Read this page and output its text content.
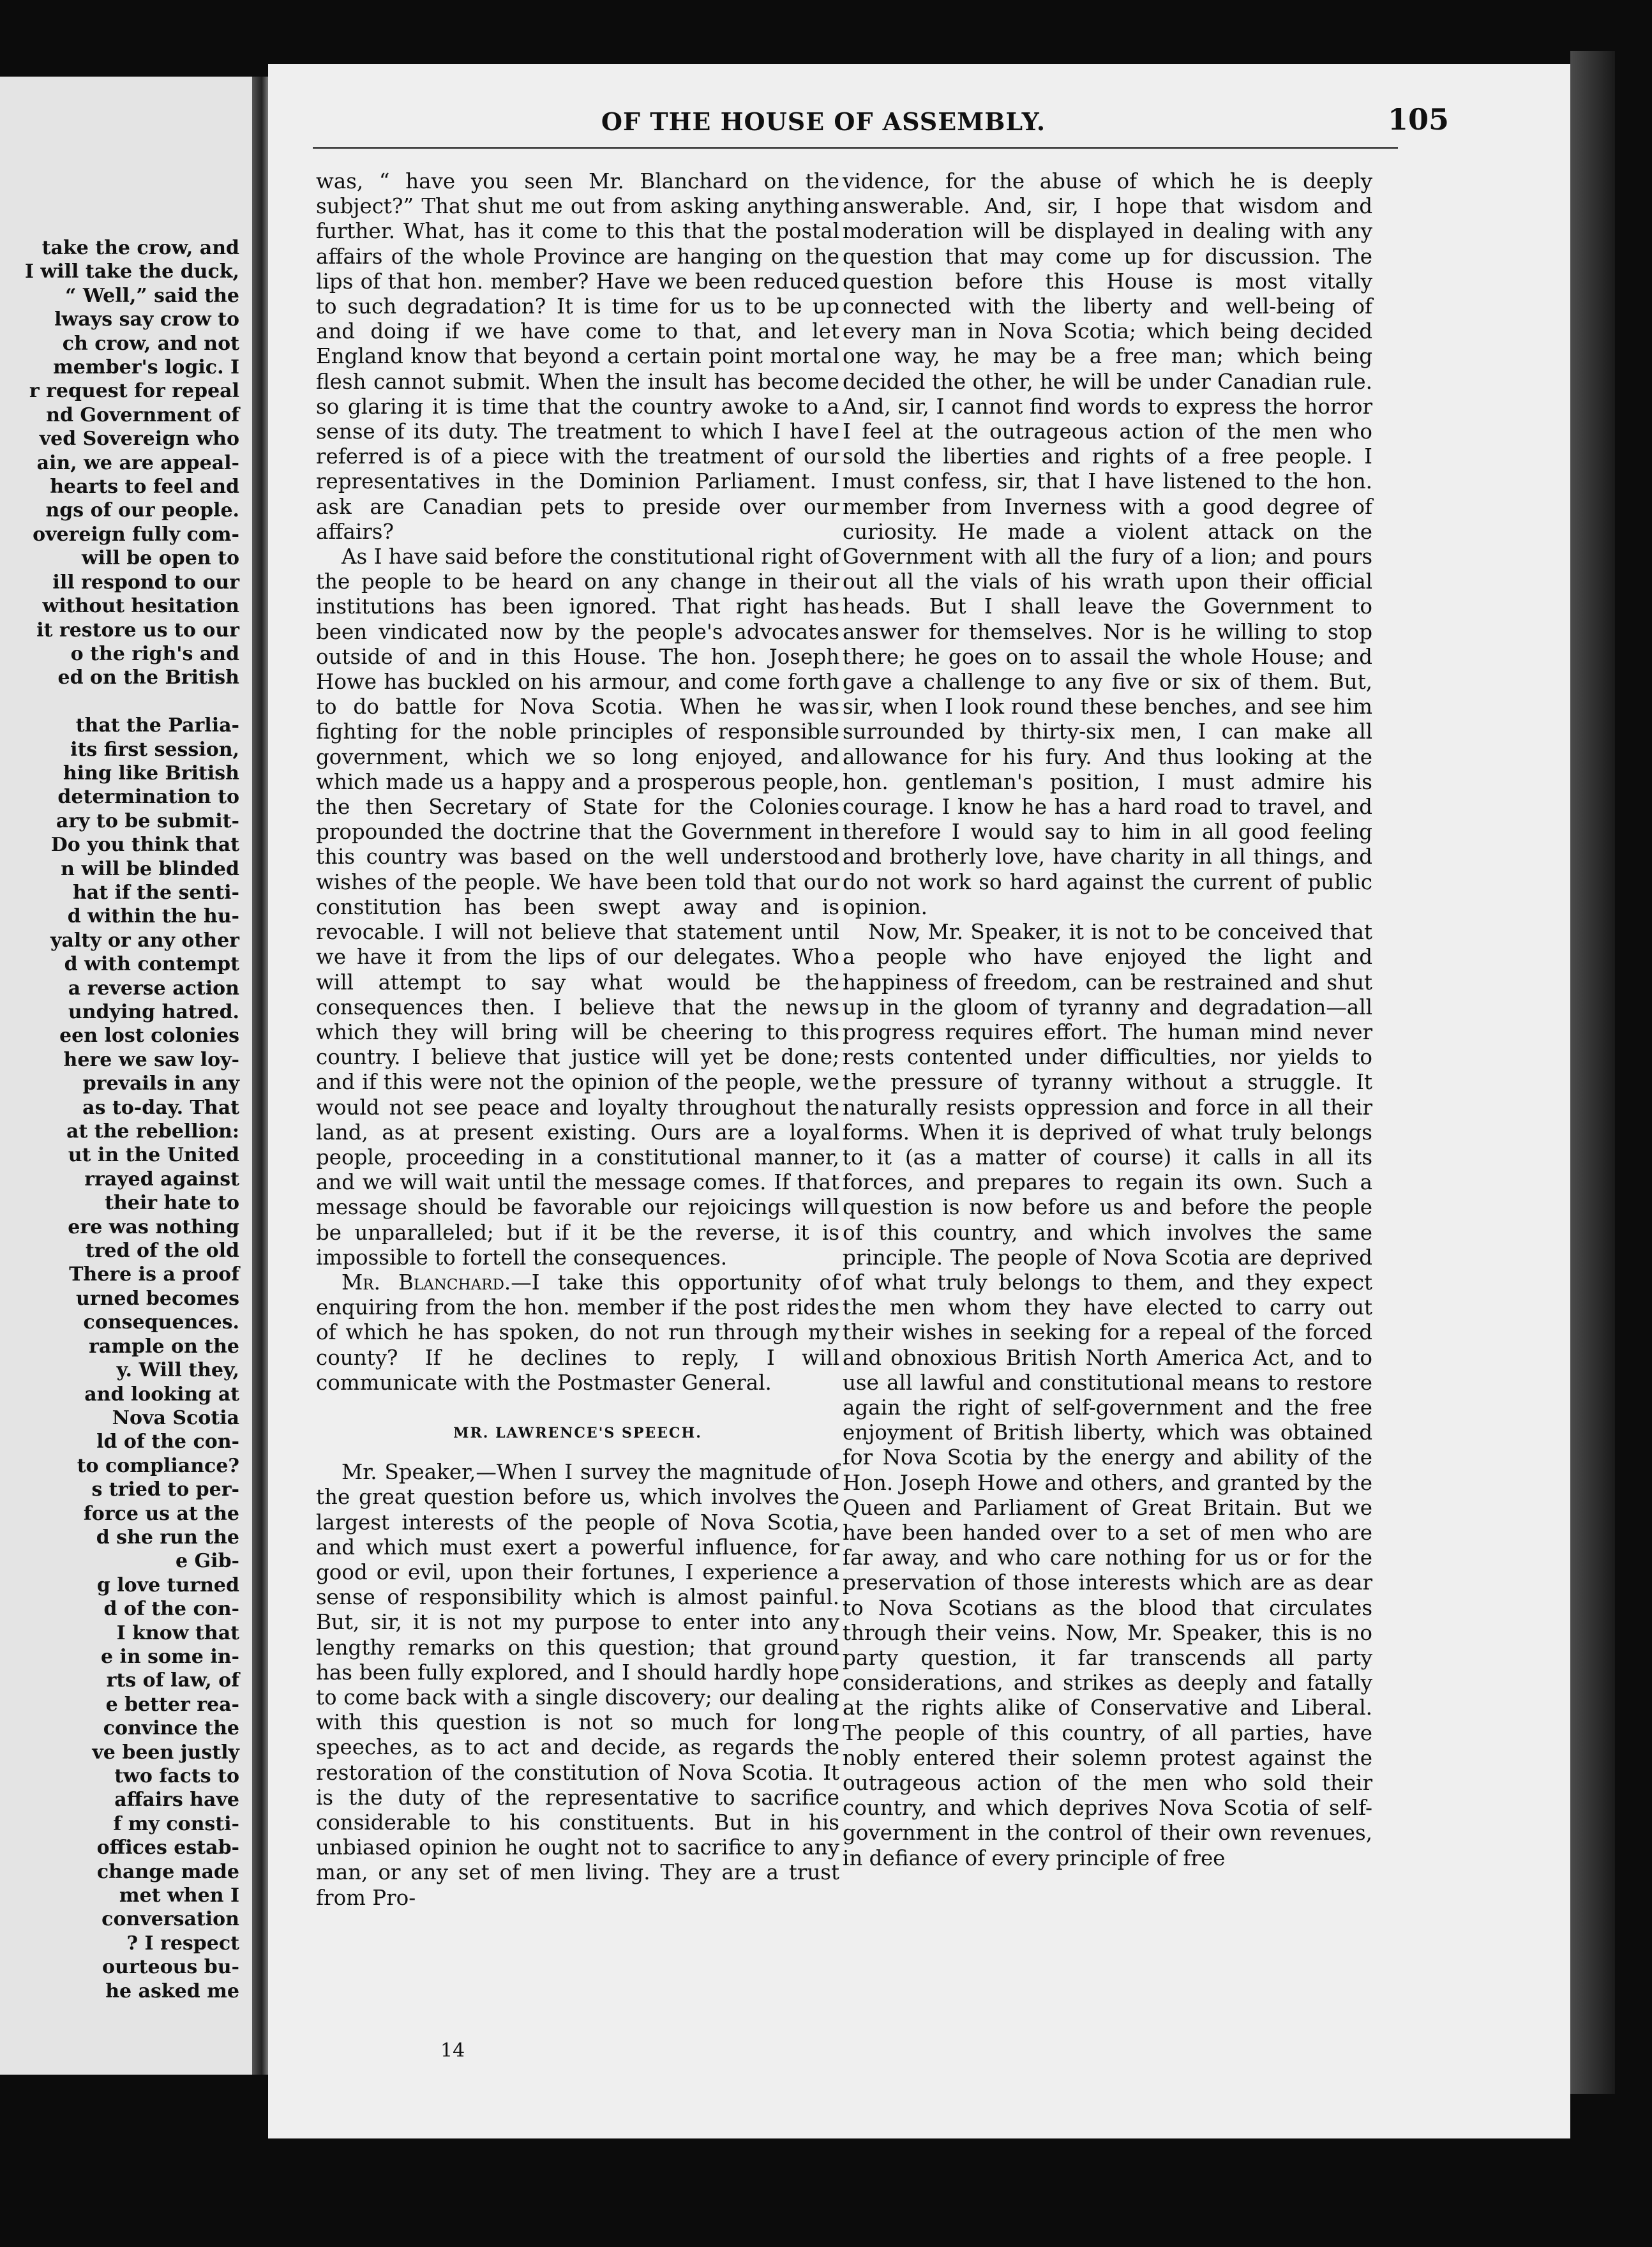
take the crow, and
I will take the duck,
“ Well,” said the
lways say crow to
ch crow, and not
member's logic. I
r request for repeal
nd Government of
ved Sovereign who
ain, we are appeal-
hearts to feel and
ngs of our people.
overeign fully com-
will be open to
ill respond to our
without hesitation
it restore us to our
o the righ's and
ed on the British

that the Parlia-
its first session,
hing like British
determination to
ary to be submit-
Do you think that
n will be blinded
hat if the senti-
d within the hu-
yalty or any other
d with contempt
a reverse action
undying hatred.
een lost colonies
here we saw loy-
prevails in any
as to-day. That
at the rebellion:
ut in the United
rrayed against
their hate to
ere was nothing
tred of the old
There is a proof
urned becomes
consequences.
rample on the
y. Will they,
and looking at
Nova Scotia
ld of the con-
to compliance?
s tried to per-
force us at the
d she run the
e Gib-
g love turned
d of the con-
I know that
e in some in-
rts of law, of
e better rea-
convince the
ve been justly
two facts to
affairs have
f my consti-
offices estab-
change made
met when I
conversation
? I respect
ourteous bu-
he asked me
OF THE HOUSE OF ASSEMBLY.	105

was, “ have you seen Mr. Blanchard on the subject?” That shut me out from asking anything further. What, has it come to this that the postal affairs of the whole Province are hanging on the lips of that hon. member? Have we been reduced to such degradation? It is time for us to be up and doing if we have come to that, and let England know that beyond a certain point mortal flesh cannot submit. When the insult has become so glaring it is time that the country awoke to a sense of its duty. The treatment to which I have referred is of a piece with the treatment of our representatives in the Dominion Parliament. I ask are Canadian pets to preside over our affairs?

As I have said before the constitutional right of the people to be heard on any change in their institutions has been ignored. That right has been vindicated now by the people's advocates outside of and in this House. The hon. Joseph Howe has buckled on his armour, and come forth to do battle for Nova Scotia. When he was fighting for the noble principles of responsible government, which we so long enjoyed, and which made us a happy and a prosperous people, the then Secretary of State for the Colonies propounded the doctrine that the Government in this country was based on the well understood wishes of the people. We have been told that our constitution has been swept away and is revocable. I will not believe that statement until we have it from the lips of our delegates. Who will attempt to say what would be the consequences then. I believe that the news which they will bring will be cheering to this country. I believe that justice will yet be done; and if this were not the opinion of the people, we would not see peace and loyalty throughout the land, as at present existing. Ours are a loyal people, proceeding in a constitutional manner, and we will wait until the message comes. If that message should be favorable our rejoicings will be unparalleled; but if it be the reverse, it is impossible to fortell the consequences.

Mr. Blanchard.—I take this opportunity of enquiring from the hon. member if the post rides of which he has spoken, do not run through my county? If he declines to reply, I will communicate with the Postmaster General.

MR. LAWRENCE'S SPEECH.

Mr. Speaker,—When I survey the magnitude of the great question before us, which involves the largest interests of the people of Nova Scotia, and which must exert a powerful influence, for good or evil, upon their fortunes, I experience a sense of responsibility which is almost painful. But, sir, it is not my purpose to enter into any lengthy remarks on this question; that ground has been fully explored, and I should hardly hope to come back with a single discovery; our dealing with this question is not so much for long speeches, as to act and decide, as regards the restoration of the constitution of Nova Scotia. It is the duty of the representative to sacrifice considerable to his constituents. But in his unbiased opinion he ought not to sacrifice to any man, or any set of men living. They are a trust from Pro-

vidence, for the abuse of which he is deeply answerable. And, sir, I hope that wisdom and moderation will be displayed in dealing with any question that may come up for discussion. The question before this House is most vitally connected with the liberty and well-being of every man in Nova Scotia; which being decided one way, he may be a free man; which being decided the other, he will be under Canadian rule. And, sir, I cannot find words to express the horror I feel at the outrageous action of the men who sold the liberties and rights of a free people. I must confess, sir, that I have listened to the hon. member from Inverness with a good degree of curiosity. He made a violent attack on the Government with all the fury of a lion; and pours out all the vials of his wrath upon their official heads. But I shall leave the Government to answer for themselves. Nor is he willing to stop there; he goes on to assail the whole House; and gave a challenge to any five or six of them. But, sir, when I look round these benches, and see him surrounded by thirty-six men, I can make all allowance for his fury. And thus looking at the hon. gentleman's position, I must admire his courage. I know he has a hard road to travel, and therefore I would say to him in all good feeling and brotherly love, have charity in all things, and do not work so hard against the current of public opinion.

Now, Mr. Speaker, it is not to be conceived that a people who have enjoyed the light and happiness of freedom, can be restrained and shut up in the gloom of tyranny and degradation—all progress requires effort. The human mind never rests contented under difficulties, nor yields to the pressure of tyranny without a struggle. It naturally resists oppression and force in all their forms. When it is deprived of what truly belongs to it (as a matter of course) it calls in all its forces, and prepares to regain its own. Such a question is now before us and before the people of this country, and which involves the same principle. The people of Nova Scotia are deprived of what truly belongs to them, and they expect the men whom they have elected to carry out their wishes in seeking for a repeal of the forced and obnoxious British North America Act, and to use all lawful and constitutional means to restore again the right of self-government and the free enjoyment of British liberty, which was obtained for Nova Scotia by the energy and ability of the Hon. Joseph Howe and others, and granted by the Queen and Parliament of Great Britain. But we have been handed over to a set of men who are far away, and who care nothing for us or for the preservation of those interests which are as dear to Nova Scotians as the blood that circulates through their veins. Now, Mr. Speaker, this is no party question, it far transcends all party considerations, and strikes as deeply and fatally at the rights alike of Conservative and Liberal. The people of this country, of all parties, have nobly entered their solemn protest against the outrageous action of the men who sold their country, and which deprives Nova Scotia of self-government in the control of their own revenues, in defiance of every principle of free

14
